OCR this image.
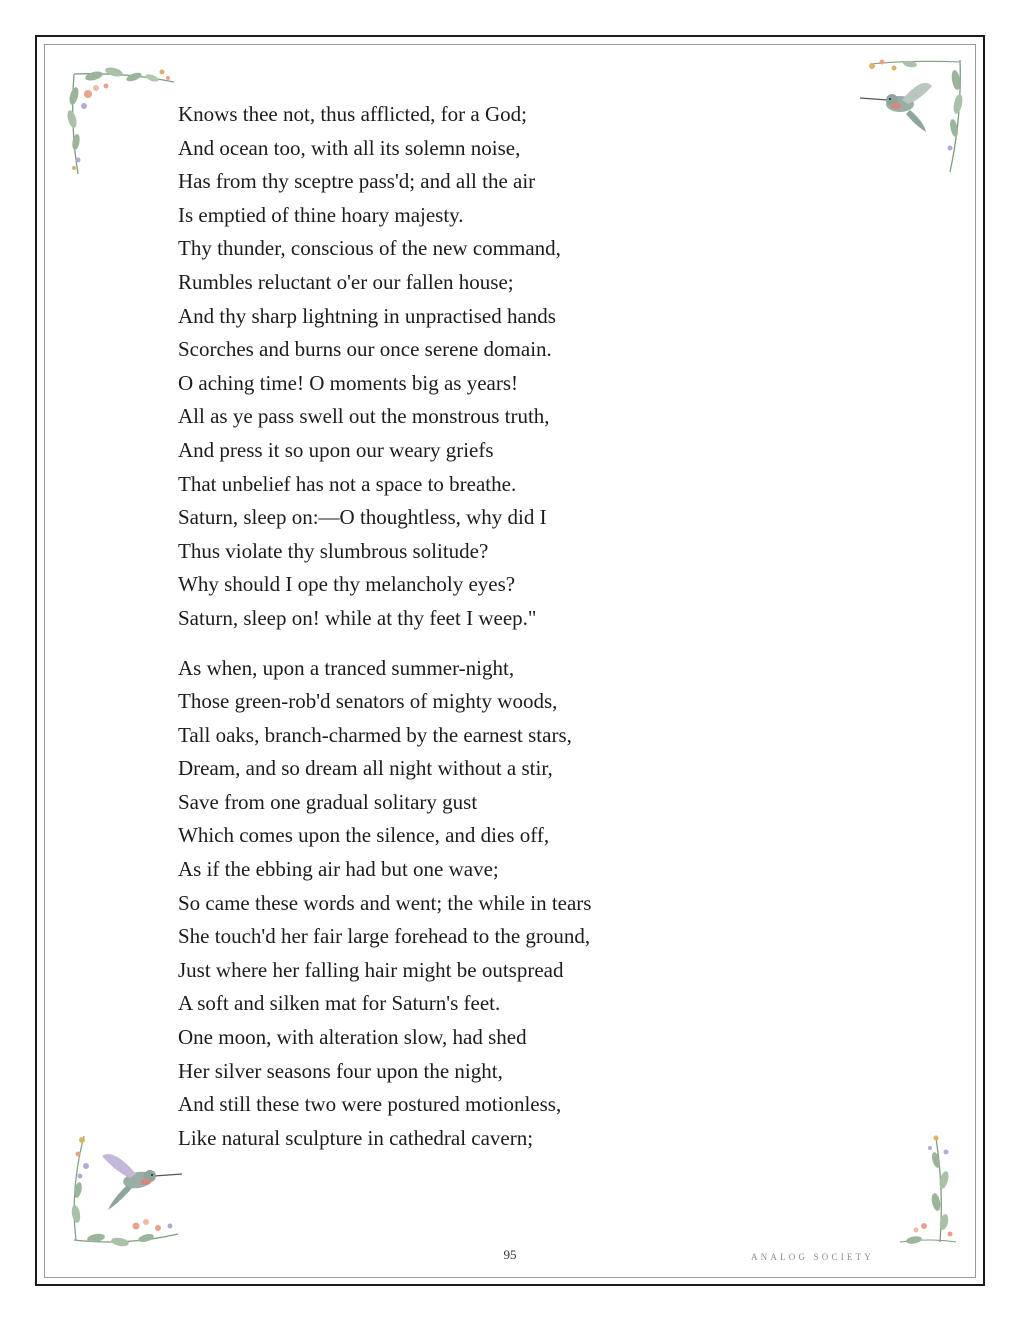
Knows thee not, thus afflicted, for a God;
And ocean too, with all its solemn noise,
Has from thy sceptre pass'd; and all the air
Is emptied of thine hoary majesty.
Thy thunder, conscious of the new command,
Rumbles reluctant o'er our fallen house;
And thy sharp lightning in unpractised hands
Scorches and burns our once serene domain.
O aching time! O moments big as years!
All as ye pass swell out the monstrous truth,
And press it so upon our weary griefs
That unbelief has not a space to breathe.
Saturn, sleep on:—O thoughtless, why did I
Thus violate thy slumbrous solitude?
Why should I ope thy melancholy eyes?
Saturn, sleep on! while at thy feet I weep."
As when, upon a tranced summer-night,
Those green-rob'd senators of mighty woods,
Tall oaks, branch-charmed by the earnest stars,
Dream, and so dream all night without a stir,
Save from one gradual solitary gust
Which comes upon the silence, and dies off,
As if the ebbing air had but one wave;
So came these words and went; the while in tears
She touch'd her fair large forehead to the ground,
Just where her falling hair might be outspread
A soft and silken mat for Saturn's feet.
One moon, with alteration slow, had shed
Her silver seasons four upon the night,
And still these two were postured motionless,
Like natural sculpture in cathedral cavern;
95	ANALOG SOCIETY
